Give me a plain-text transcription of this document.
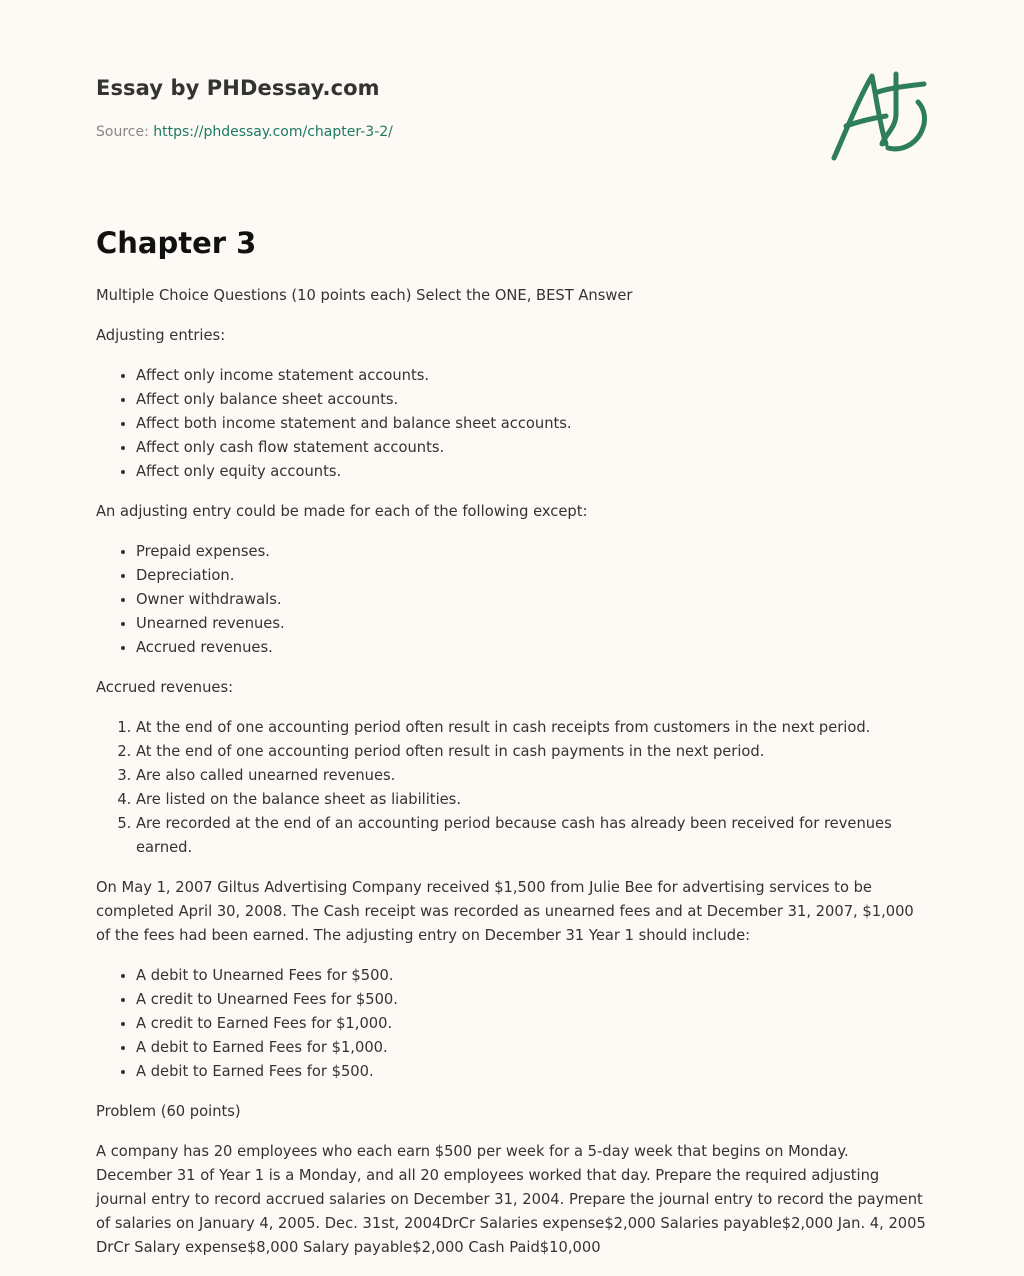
Essay by PHDessay.com
Source: https://phdessay.com/chapter-3-2/
Chapter 3

Multiple Choice Questions (10 points each) Select the ONE, BEST Answer

Adjusting entries:

• Affect only income statement accounts.
• Affect only balance sheet accounts.
• Affect both income statement and balance sheet accounts.
• Affect only cash flow statement accounts.
• Affect only equity accounts.

An adjusting entry could be made for each of the following except:

• Prepaid expenses.
• Depreciation.
• Owner withdrawals.
• Unearned revenues.
• Accrued revenues.

Accrued revenues:

1. At the end of one accounting period often result in cash receipts from customers in the next period.
2. At the end of one accounting period often result in cash payments in the next period.
3. Are also called unearned revenues.
4. Are listed on the balance sheet as liabilities.
5. Are recorded at the end of an accounting period because cash has already been received for revenues earned.

On May 1, 2007 Giltus Advertising Company received $1,500 from Julie Bee for advertising services to be completed April 30, 2008. The Cash receipt was recorded as unearned fees and at December 31, 2007, $1,000 of the fees had been earned. The adjusting entry on December 31 Year 1 should include:

• A debit to Unearned Fees for $500.
• A credit to Unearned Fees for $500.
• A credit to Earned Fees for $1,000.
• A debit to Earned Fees for $1,000.
• A debit to Earned Fees for $500.

Problem (60 points)

A company has 20 employees who each earn $500 per week for a 5-day week that begins on Monday. December 31 of Year 1 is a Monday, and all 20 employees worked that day. Prepare the required adjusting journal entry to record accrued salaries on December 31, 2004. Prepare the journal entry to record the payment of salaries on January 4, 2005. Dec. 31st, 2004DrCr Salaries expense$2,000 Salaries payable$2,000 Jan. 4, 2005 DrCr Salary expense$8,000 Salary payable$2,000 Cash Paid$10,000
